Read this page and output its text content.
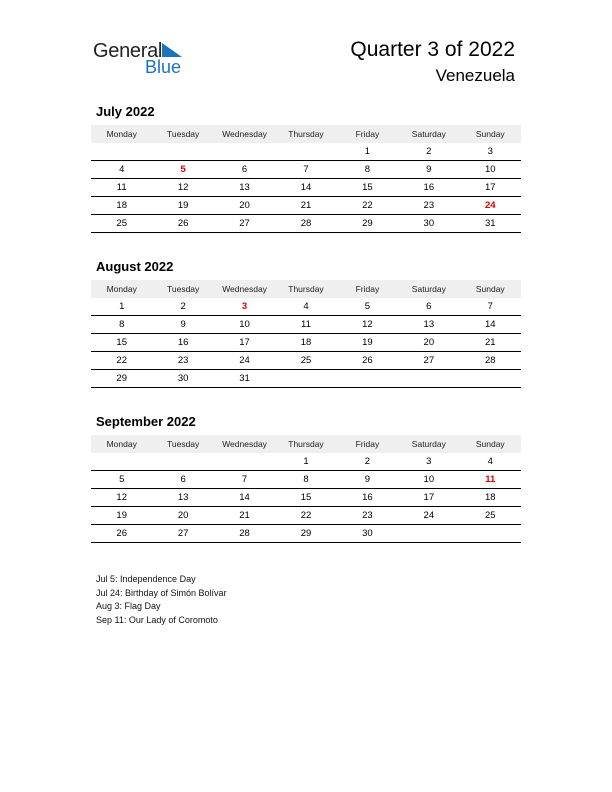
General
Blue
Quarter 3 of 2022
Venezuela
July 2022
Monday	Tuesday	Wednesday	Thursday	Friday	Saturday	Sunday
				1	2	3
4	5	6	7	8	9	10
11	12	13	14	15	16	17
18	19	20	21	22	23	24
25	26	27	28	29	30	31
August 2022
Monday	Tuesday	Wednesday	Thursday	Friday	Saturday	Sunday
1	2	3	4	5	6	7
8	9	10	11	12	13	14
15	16	17	18	19	20	21
22	23	24	25	26	27	28
29	30	31				
September 2022
Monday	Tuesday	Wednesday	Thursday	Friday	Saturday	Sunday
			1	2	3	4
5	6	7	8	9	10	11
12	13	14	15	16	17	18
19	20	21	22	23	24	25
26	27	28	29	30		
Jul 5: Independence Day
Jul 24: Birthday of Simón Bolívar
Aug 3: Flag Day
Sep 11: Our Lady of Coromoto
